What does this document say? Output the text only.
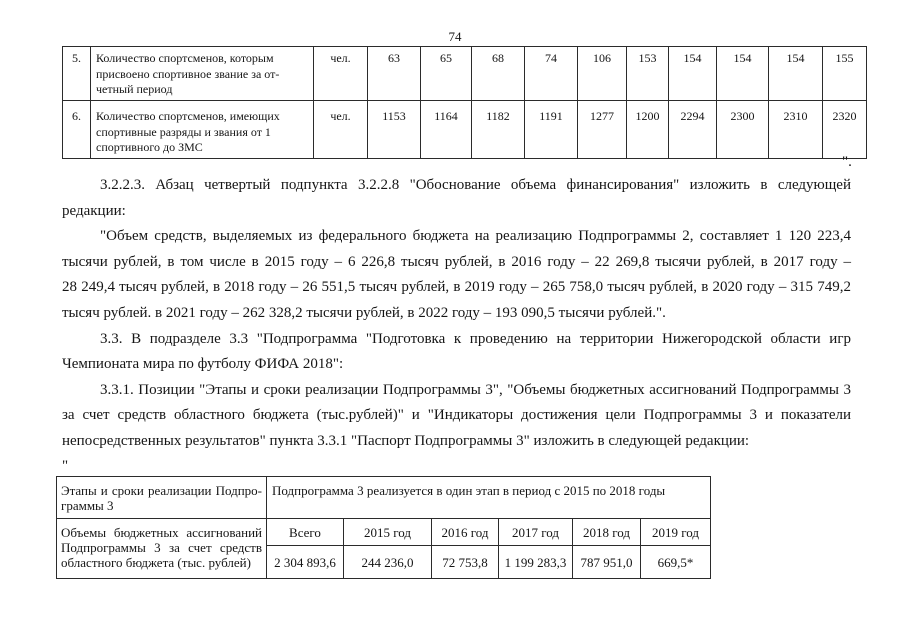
74
5.	Количество спортсменов, которым
присвоено спортивное звание за от-
четный период	чел.	63	65	68	74	106	153	154	154	154	155
6.	Количество спортсменов, имеющих
спортивные разряды и звания от 1
спортивного до ЗМС	чел.	1153	1164	1182	1191	1277	1200	2294	2300	2310	2320
".
3.2.2.3. Абзац четвертый подпункта 3.2.2.8 "Обоснование объема финансирования" изложить в следующей
редакции:
"Объем средств, выделяемых из федерального бюджета на реализацию Подпрограммы 2, составляет 1 120 223,4
тысячи рублей, в том числе в 2015 году – 6 226,8 тысяч рублей, в 2016 году – 22 269,8 тысячи рублей, в 2017 году –
28 249,4 тысяч рублей, в 2018 году – 26 551,5 тысяч рублей, в 2019 году – 265 758,0 тысяч рублей, в 2020 году – 315 749,2
тысяч рублей. в 2021 году – 262 328,2 тысячи рублей, в 2022 году – 193 090,5 тысячи рублей.".
3.3. В подразделе 3.3 "Подпрограмма "Подготовка к проведению на территории Нижегородской области игр
Чемпионата мира по футболу ФИФА 2018":
3.3.1. Позиции "Этапы и сроки реализации Подпрограммы 3", "Объемы бюджетных ассигнований Подпрограммы 3
за счет средств областного бюджета (тыс.рублей)" и "Индикаторы достижения цели Подпрограммы 3 и показатели
непосредственных результатов" пункта 3.3.1 "Паспорт Подпрограммы 3" изложить в следующей редакции:
"
Этапы и сроки реализации Подпро-
граммы 3	Подпрограмма 3 реализуется в один этап в период с 2015 по 2018 годы					

Объемы бюджетных ассигнований
Подпрограммы 3 за счет средств
областного бюджета (тыс. рублей)	Всего	2015 год	2016 год	2017 год	2018 год	2019 год
	2 304 893,6	244 236,0	72 753,8	1 199 283,3	787 951,0	669,5*
